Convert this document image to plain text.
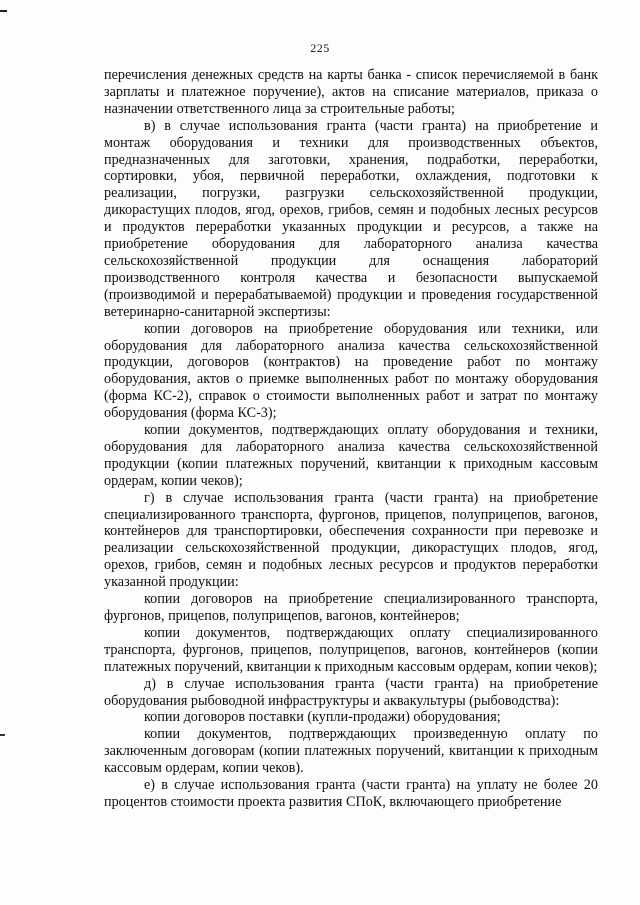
225

перечисления денежных средств на карты банка - список перечисляемой в банк зарплаты и платежное поручение), актов на списание материалов, приказа о назначении ответственного лица за строительные работы;

в) в случае использования гранта (части гранта) на приобретение и монтаж оборудования и техники для производственных объектов, предназначенных для заготовки, хранения, подработки, переработки, сортировки, убоя, первичной переработки, охлаждения, подготовки к реализации, погрузки, разгрузки сельскохозяйственной продукции, дикорастущих плодов, ягод, орехов, грибов, семян и подобных лесных ресурсов и продуктов переработки указанных продукции и ресурсов, а также на приобретение оборудования для лабораторного анализа качества сельскохозяйственной продукции для оснащения лабораторий производственного контроля качества и безопасности выпускаемой (производимой и перерабатываемой) продукции и проведения государственной ветеринарно-санитарной экспертизы:

копии договоров на приобретение оборудования или техники, или оборудования для лабораторного анализа качества сельскохозяйственной продукции, договоров (контрактов) на проведение работ по монтажу оборудования, актов о приемке выполненных работ по монтажу оборудования (форма КС-2), справок о стоимости выполненных работ и затрат по монтажу оборудования (форма КС-3);

копии документов, подтверждающих оплату оборудования и техники, оборудования для лабораторного анализа качества сельскохозяйственной продукции (копии платежных поручений, квитанции к приходным кассовым ордерам, копии чеков);

г) в случае использования гранта (части гранта) на приобретение специализированного транспорта, фургонов, прицепов, полуприцепов, вагонов, контейнеров для транспортировки, обеспечения сохранности при перевозке и реализации сельскохозяйственной продукции, дикорастущих плодов, ягод, орехов, грибов, семян и подобных лесных ресурсов и продуктов переработки указанной продукции:

копии договоров на приобретение специализированного транспорта, фургонов, прицепов, полуприцепов, вагонов, контейнеров;

копии документов, подтверждающих оплату специализированного транспорта, фургонов, прицепов, полуприцепов, вагонов, контейнеров (копии платежных поручений, квитанции к приходным кассовым ордерам, копии чеков);

д) в случае использования гранта (части гранта) на приобретение оборудования рыбоводной инфраструктуры и аквакультуры (рыбоводства):

копии договоров поставки (купли-продажи) оборудования;

копии документов, подтверждающих произведенную оплату по заключенным договорам (копии платежных поручений, квитанции к приходным кассовым ордерам, копии чеков).

е) в случае использования гранта (части гранта) на уплату не более 20 процентов стоимости проекта развития СПоК, включающего приобретение
